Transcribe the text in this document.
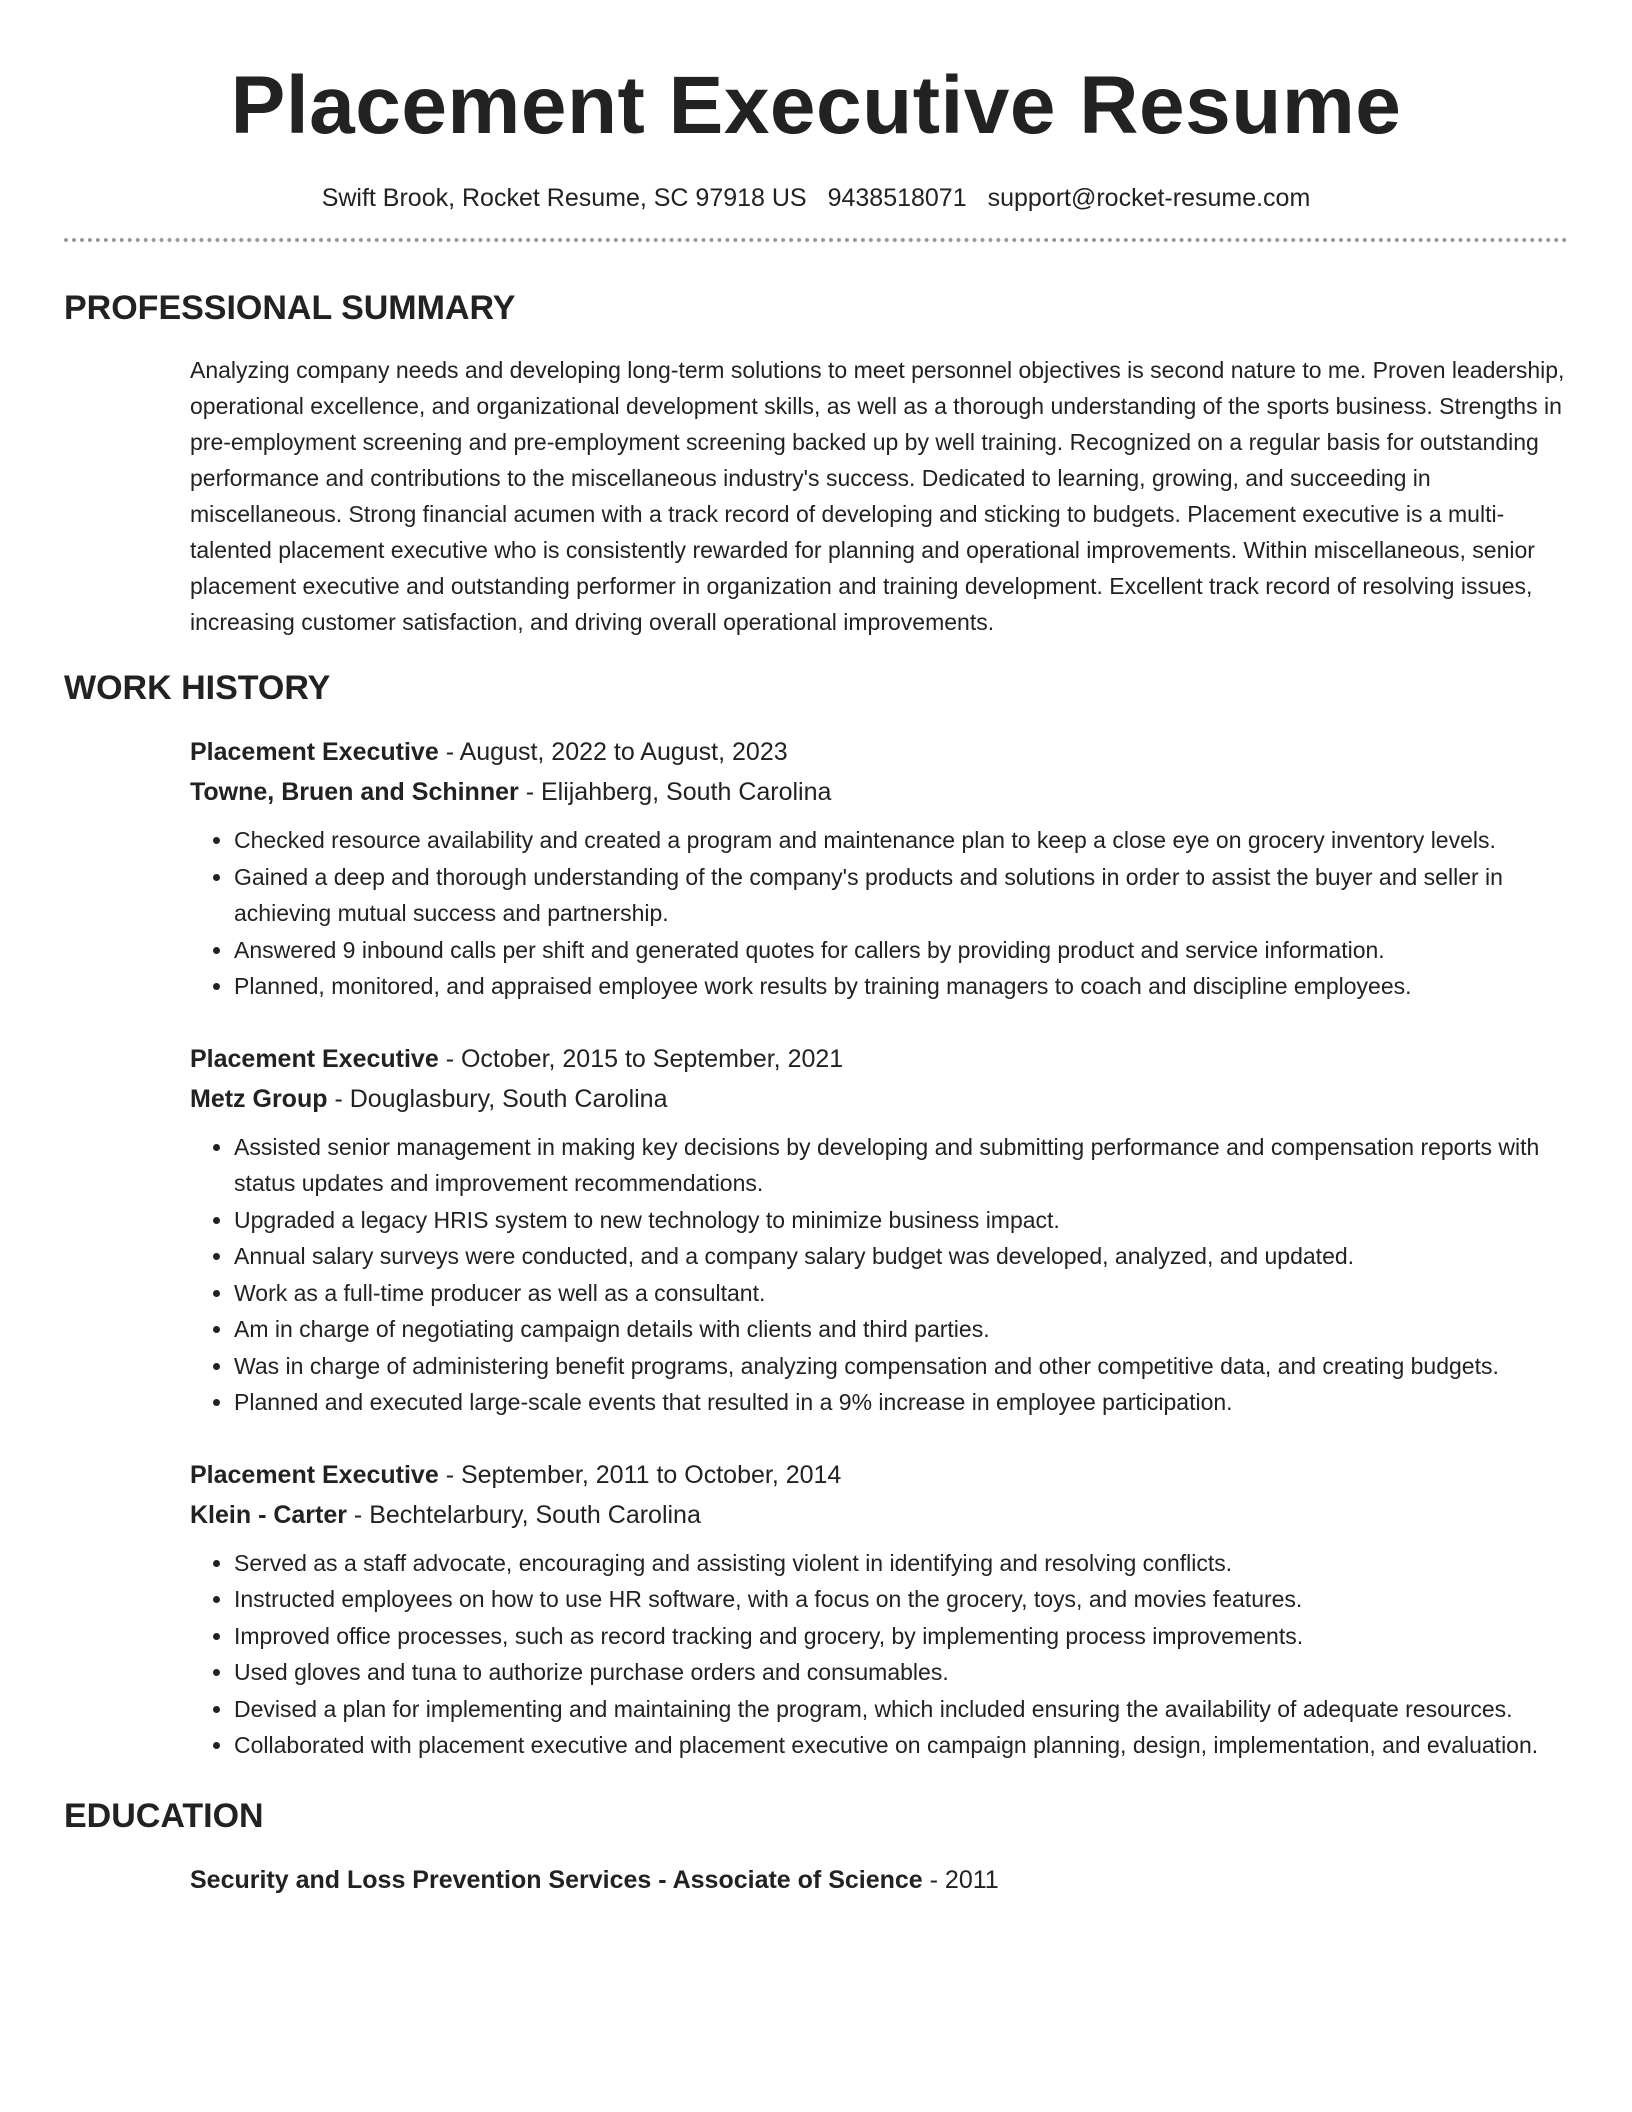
Placement Executive Resume
Swift Brook, Rocket Resume, SC 97918 US 9438518071 support@rocket-resume.com
PROFESSIONAL SUMMARY
Analyzing company needs and developing long-term solutions to meet personnel objectives is second nature to me. Proven leadership, operational excellence, and organizational development skills, as well as a thorough understanding of the sports business. Strengths in pre-employment screening and pre-employment screening backed up by well training. Recognized on a regular basis for outstanding performance and contributions to the miscellaneous industry's success. Dedicated to learning, growing, and succeeding in miscellaneous. Strong financial acumen with a track record of developing and sticking to budgets. Placement executive is a multi-talented placement executive who is consistently rewarded for planning and operational improvements. Within miscellaneous, senior placement executive and outstanding performer in organization and training development. Excellent track record of resolving issues, increasing customer satisfaction, and driving overall operational improvements.
WORK HISTORY
Placement Executive - August, 2022 to August, 2023
Towne, Bruen and Schinner - Elijahberg, South Carolina
• Checked resource availability and created a program and maintenance plan to keep a close eye on grocery inventory levels.
• Gained a deep and thorough understanding of the company's products and solutions in order to assist the buyer and seller in achieving mutual success and partnership.
• Answered 9 inbound calls per shift and generated quotes for callers by providing product and service information.
• Planned, monitored, and appraised employee work results by training managers to coach and discipline employees.
Placement Executive - October, 2015 to September, 2021
Metz Group - Douglasbury, South Carolina
• Assisted senior management in making key decisions by developing and submitting performance and compensation reports with status updates and improvement recommendations.
• Upgraded a legacy HRIS system to new technology to minimize business impact.
• Annual salary surveys were conducted, and a company salary budget was developed, analyzed, and updated.
• Work as a full-time producer as well as a consultant.
• Am in charge of negotiating campaign details with clients and third parties.
• Was in charge of administering benefit programs, analyzing compensation and other competitive data, and creating budgets.
• Planned and executed large-scale events that resulted in a 9% increase in employee participation.
Placement Executive - September, 2011 to October, 2014
Klein - Carter - Bechtelarbury, South Carolina
• Served as a staff advocate, encouraging and assisting violent in identifying and resolving conflicts.
• Instructed employees on how to use HR software, with a focus on the grocery, toys, and movies features.
• Improved office processes, such as record tracking and grocery, by implementing process improvements.
• Used gloves and tuna to authorize purchase orders and consumables.
• Devised a plan for implementing and maintaining the program, which included ensuring the availability of adequate resources.
• Collaborated with placement executive and placement executive on campaign planning, design, implementation, and evaluation.
EDUCATION
Security and Loss Prevention Services - Associate of Science - 2011
